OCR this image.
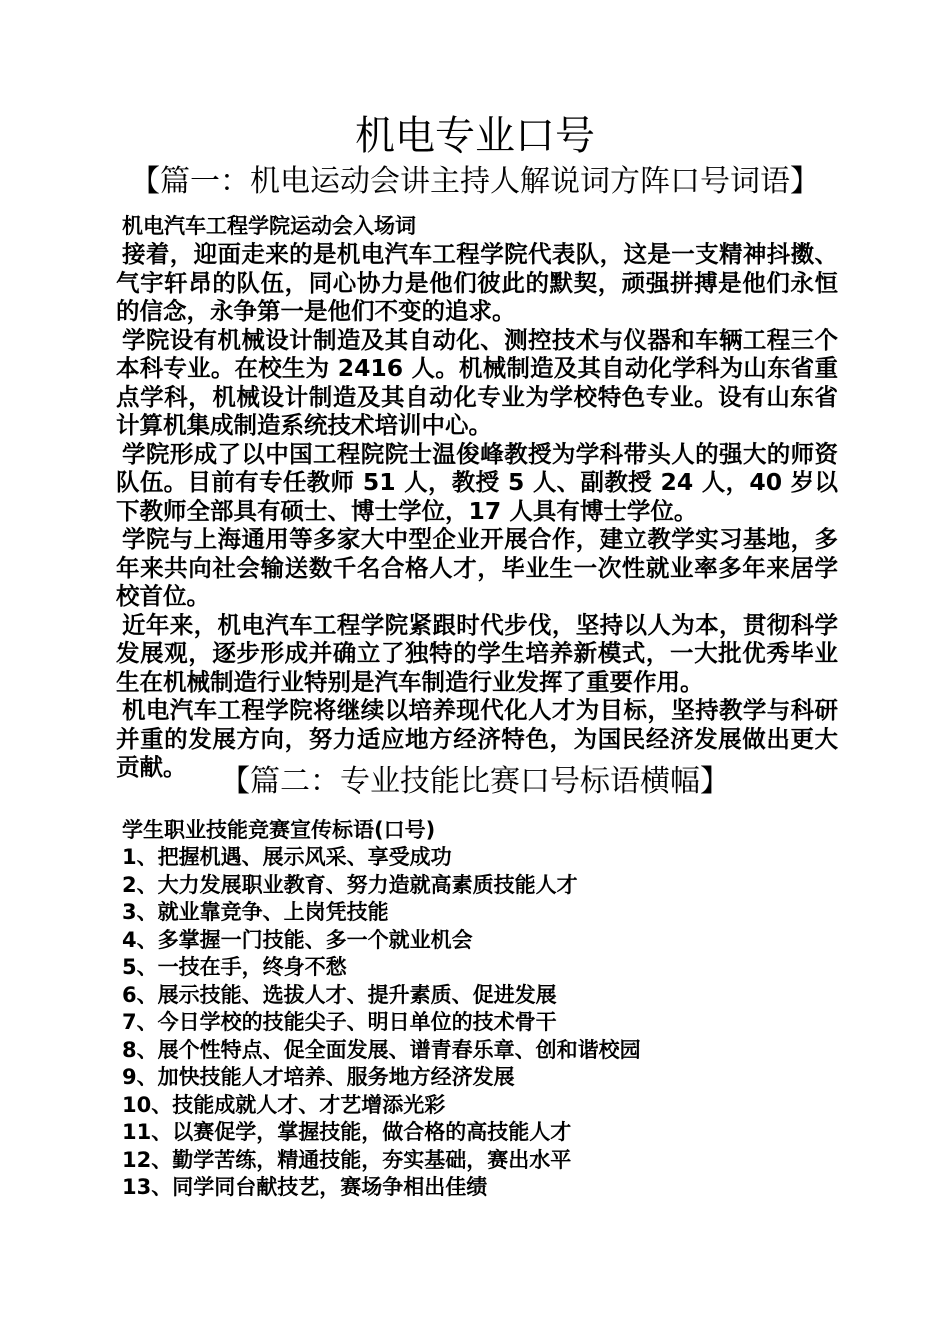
机电专业口号
【篇一：机电运动会讲主持人解说词方阵口号词语】

机电汽车工程学院运动会入场词

接着，迎面走来的是机电汽车工程学院代表队，这是一支精神抖擞、气宇轩昂的队伍，同心协力是他们彼此的默契，顽强拼搏是他们永恒的信念，永争第一是他们不变的追求。

学院设有机械设计制造及其自动化、测控技术与仪器和车辆工程三个本科专业。在校生为 2416 人。机械制造及其自动化学科为山东省重点学科，机械设计制造及其自动化专业为学校特色专业。设有山东省计算机集成制造系统技术培训中心。

学院形成了以中国工程院院士温俊峰教授为学科带头人的强大的师资队伍。目前有专任教师 51 人，教授 5 人、副教授 24 人，40 岁以下教师全部具有硕士、博士学位，17 人具有博士学位。

学院与上海通用等多家大中型企业开展合作，建立教学实习基地，多年来共向社会输送数千名合格人才，毕业生一次性就业率多年来居学校首位。

近年来，机电汽车工程学院紧跟时代步伐，坚持以人为本，贯彻科学发展观，逐步形成并确立了独特的学生培养新模式，一大批优秀毕业生在机械制造行业特别是汽车制造行业发挥了重要作用。

机电汽车工程学院将继续以培养现代化人才为目标，坚持教学与科研并重的发展方向，努力适应地方经济特色，为国民经济发展做出更大贡献。	【篇二：专业技能比赛口号标语横幅】

学生职业技能竞赛宣传标语(口号)

1、把握机遇、展示风采、享受成功
2、大力发展职业教育、努力造就高素质技能人才
3、就业靠竞争、上岗凭技能
4、多掌握一门技能、多一个就业机会
5、一技在手，终身不愁
6、展示技能、选拔人才、提升素质、促进发展
7、今日学校的技能尖子、明日单位的技术骨干
8、展个性特点、促全面发展、谱青春乐章、创和谐校园
9、加快技能人才培养、服务地方经济发展
10、技能成就人才、才艺增添光彩
11、以赛促学，掌握技能，做合格的高技能人才
12、勤学苦练，精通技能，夯实基础，赛出水平
13、同学同台献技艺，赛场争相出佳绩
